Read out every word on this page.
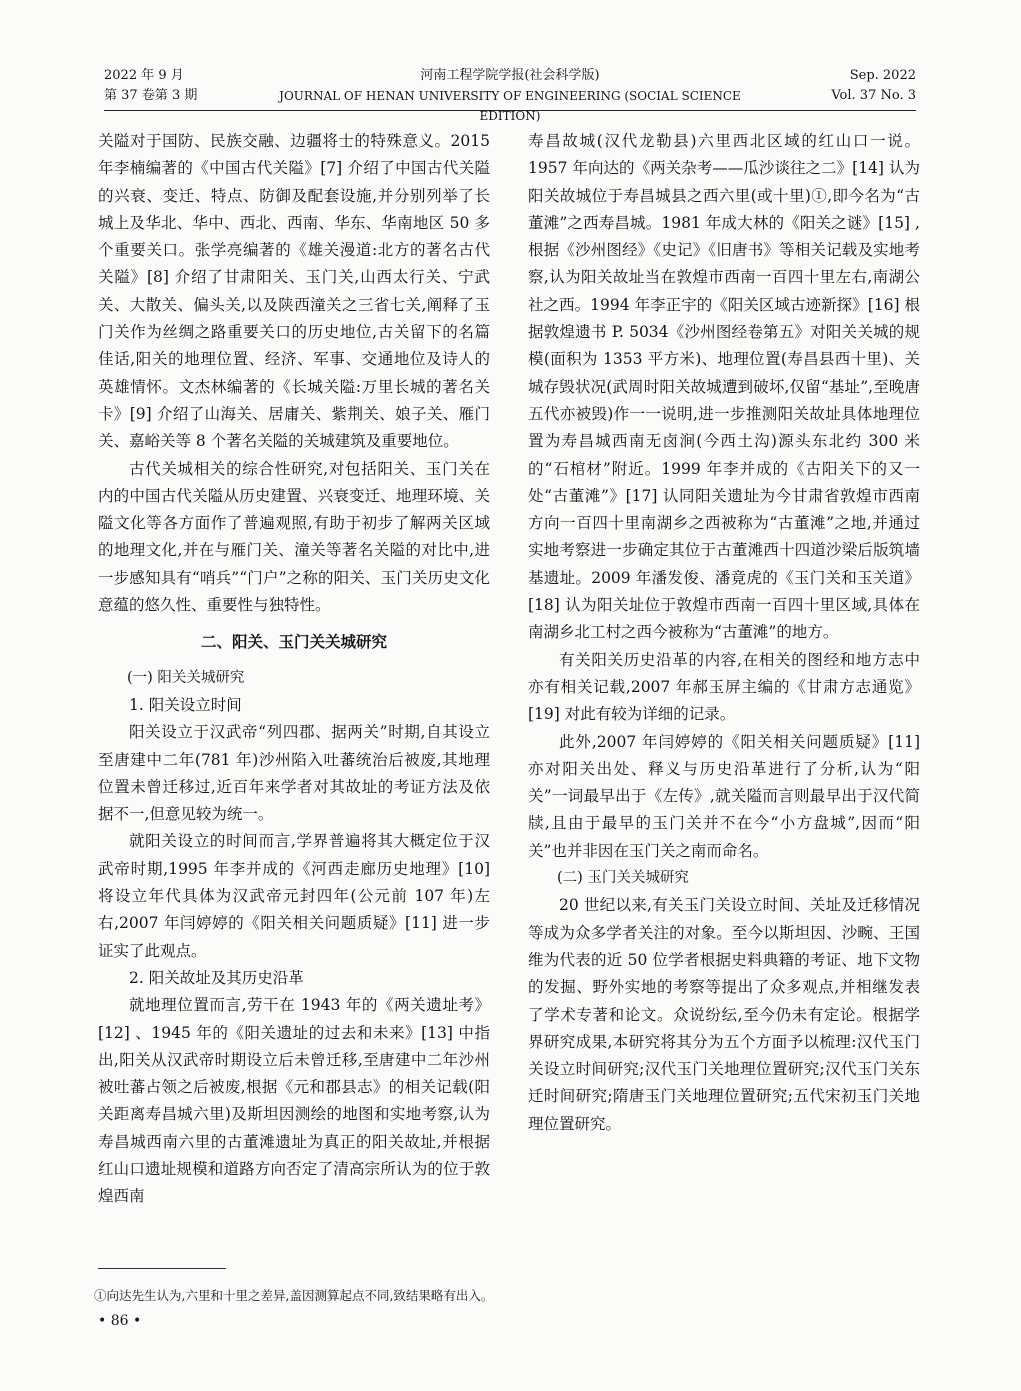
2022 年 9 月
第 37 卷第 3 期
河南工程学院学报(社会科学版)
JOURNAL OF HENAN UNIVERSITY OF ENGINEERING (SOCIAL SCIENCE EDITION)
Sep. 2022
Vol. 37 No. 3

关隘对于国防、民族交融、边疆将士的特殊意义。2015 年李楠编著的《中国古代关隘》[7] 介绍了中国古代关隘的兴衰、变迁、特点、防御及配套设施,并分别列举了长城上及华北、华中、西北、西南、华东、华南地区 50 多个重要关口。张学亮编著的《雄关漫道:北方的著名古代关隘》[8] 介绍了甘肃阳关、玉门关,山西太行关、宁武关、大散关、偏头关,以及陕西潼关之三省七关,阐释了玉门关作为丝绸之路重要关口的历史地位,古关留下的名篇佳话,阳关的地理位置、经济、军事、交通地位及诗人的英雄情怀。文杰林编著的《长城关隘:万里长城的著名关卡》[9] 介绍了山海关、居庸关、紫荆关、娘子关、雁门关、嘉峪关等 8 个著名关隘的关城建筑及重要地位。

古代关城相关的综合性研究,对包括阳关、玉门关在内的中国古代关隘从历史建置、兴衰变迁、地理环境、关隘文化等各方面作了普遍观照,有助于初步了解两关区域的地理文化,并在与雁门关、潼关等著名关隘的对比中,进一步感知具有“哨兵”“门户”之称的阳关、玉门关历史文化意蕴的悠久性、重要性与独特性。

二、阳关、玉门关关城研究

(一) 阳关关城研究

1. 阳关设立时间

阳关设立于汉武帝“列四郡、据两关”时期,自其设立至唐建中二年(781 年)沙州陷入吐蕃统治后被废,其地理位置未曾迁移过,近百年来学者对其故址的考证方法及依据不一,但意见较为统一。

就阳关设立的时间而言,学界普遍将其大概定位于汉武帝时期,1995 年李并成的《河西走廊历史地理》[10] 将设立年代具体为汉武帝元封四年(公元前 107 年)左右,2007 年闫婷婷的《阳关相关问题质疑》[11] 进一步证实了此观点。

2. 阳关故址及其历史沿革

就地理位置而言,劳干在 1943 年的《两关遗址考》[12] 、1945 年的《阳关遗址的过去和未来》[13] 中指出,阳关从汉武帝时期设立后未曾迁移,至唐建中二年沙州被吐蕃占领之后被废,根据《元和郡县志》的相关记载(阳关距离寿昌城六里)及斯坦因测绘的地图和实地考察,认为寿昌城西南六里的古董滩遗址为真正的阳关故址,并根据红山口遗址规模和道路方向否定了清高宗所认为的位于敦煌西南

寿昌故城(汉代龙勒县)六里西北区域的红山口一说。1957 年向达的《两关杂考——瓜沙谈往之二》[14] 认为阳关故城位于寿昌城县之西六里(或十里)①,即今名为“古董滩”之西寿昌城。1981 年成大林的《阳关之谜》[15] ,根据《沙州图经》《史记》《旧唐书》等相关记载及实地考察,认为阳关故址当在敦煌市西南一百四十里左右,南湖公社之西。1994 年李正宇的《阳关区域古迹新探》[16] 根据敦煌遗书 P. 5034《沙州图经卷第五》对阳关关城的规模(面积为 1353 平方米)、地理位置(寿昌县西十里)、关城存毁状况(武周时阳关故城遭到破坏,仅留“基址”,至晚唐五代亦被毁)作一一说明,进一步推测阳关故址具体地理位置为寿昌城西南无卤涧(今西土沟)源头东北约 300 米的“石棺材”附近。1999 年李并成的《古阳关下的又一处“古董滩”》[17] 认同阳关遗址为今甘肃省敦煌市西南方向一百四十里南湖乡之西被称为“古董滩”之地,并通过实地考察进一步确定其位于古董滩西十四道沙梁后版筑墙基遗址。2009 年潘发俊、潘竟虎的《玉门关和玉关道》[18] 认为阳关址位于敦煌市西南一百四十里区域,具体在南湖乡北工村之西今被称为“古董滩”的地方。

有关阳关历史沿革的内容,在相关的图经和地方志中亦有相关记载,2007 年郝玉屏主编的《甘肃方志通览》[19] 对此有较为详细的记录。

此外,2007 年闫婷婷的《阳关相关问题质疑》[11] 亦对阳关出处、释义与历史沿革进行了分析,认为“阳关”一词最早出于《左传》,就关隘而言则最早出于汉代简牍,且由于最早的玉门关并不在今“小方盘城”,因而“阳关”也并非因在玉门关之南而命名。

(二) 玉门关关城研究

20 世纪以来,有关玉门关设立时间、关址及迁移情况等成为众多学者关注的对象。至今以斯坦因、沙畹、王国维为代表的近 50 位学者根据史料典籍的考证、地下文物的发掘、野外实地的考察等提出了众多观点,并相继发表了学术专著和论文。众说纷纭,至今仍未有定论。根据学界研究成果,本研究将其分为五个方面予以梳理:汉代玉门关设立时间研究;汉代玉门关地理位置研究;汉代玉门关东迁时间研究;隋唐玉门关地理位置研究;五代宋初玉门关地理位置研究。

①向达先生认为,六里和十里之差异,盖因测算起点不同,致结果略有出入。
• 86 •
